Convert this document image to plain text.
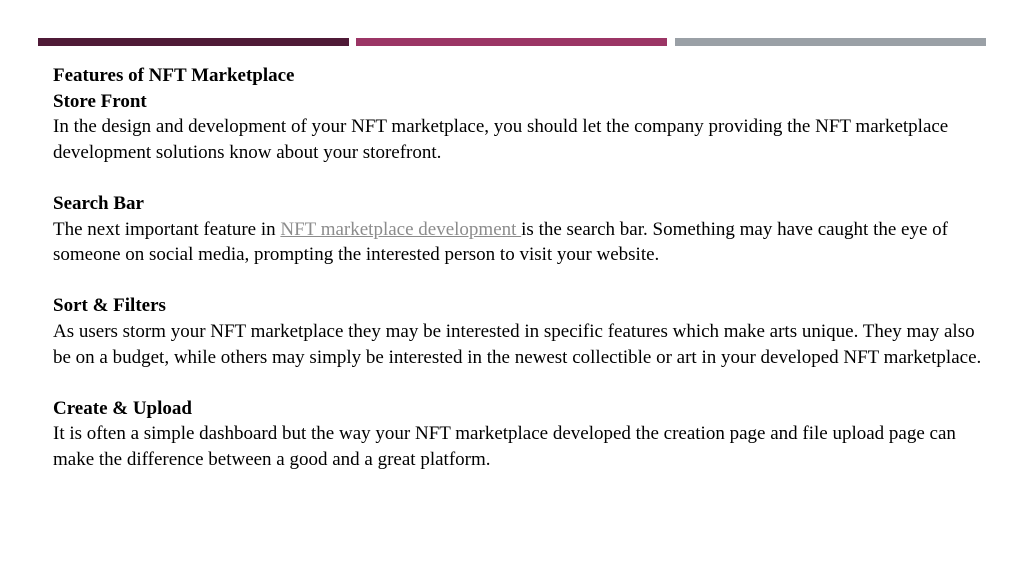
Features of NFT Marketplace

Store Front

In the design and development of your NFT marketplace, you should let the company providing the NFT marketplace development solutions know about your storefront.

Search Bar

The next important feature in NFT marketplace development is the search bar. Something may have caught the eye of someone on social media, prompting the interested person to visit your website.

Sort & Filters

As users storm your NFT marketplace they may be interested in specific features which make arts unique. They may also be on a budget, while others may simply be interested in the newest collectible or art in your developed NFT marketplace.

Create & Upload

It is often a simple dashboard but the way your NFT marketplace developed the creation page and file upload page can make the difference between a good and a great platform.
